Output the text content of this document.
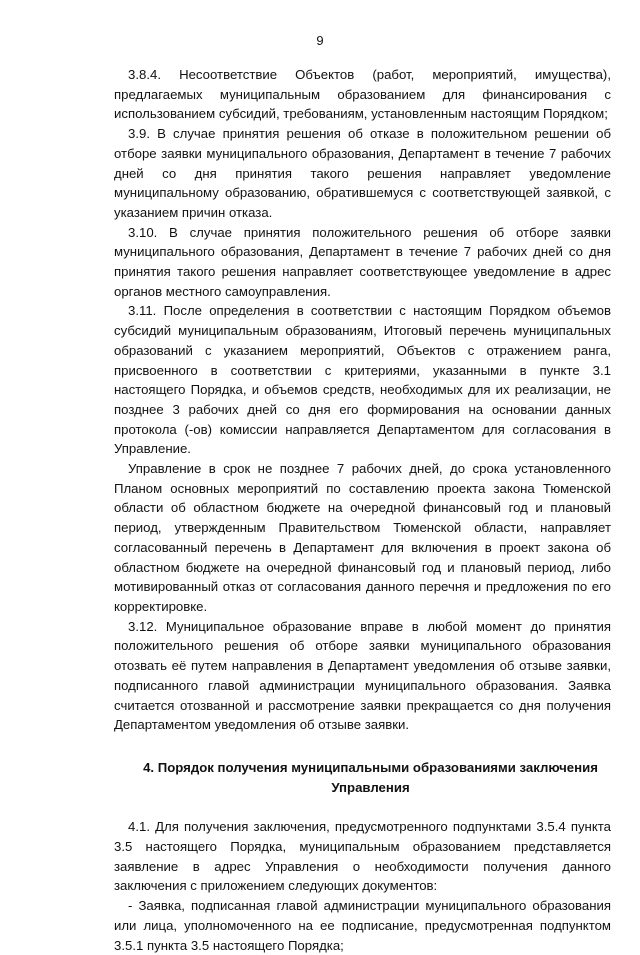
9

3.8.4. Несоответствие Объектов (работ, мероприятий, имущества), предлагаемых муниципальным образованием для финансирования с использованием субсидий, требованиям, установленным настоящим Порядком;

3.9. В случае принятия решения об отказе в положительном решении об отборе заявки муниципального образования, Департамент в течение 7 рабочих дней со дня принятия такого решения направляет уведомление муниципальному образованию, обратившемуся с соответствующей заявкой, с указанием причин отказа.

3.10. В случае принятия положительного решения об отборе заявки муниципального образования, Департамент в течение 7 рабочих дней со дня принятия такого решения направляет соответствующее уведомление в адрес органов местного самоуправления.

3.11. После определения в соответствии с настоящим Порядком объемов субсидий муниципальным образованиям, Итоговый перечень муниципальных образований с указанием мероприятий, Объектов с отражением ранга, присвоенного в соответствии с критериями, указанными в пункте 3.1 настоящего Порядка, и объемов средств, необходимых для их реализации, не позднее 3 рабочих дней со дня его формирования на основании данных протокола (-ов) комиссии направляется Департаментом для согласования в Управление.

Управление в срок не позднее 7 рабочих дней, до срока установленного Планом основных мероприятий по составлению проекта закона Тюменской области об областном бюджете на очередной финансовый год и плановый период, утвержденным Правительством Тюменской области, направляет согласованный перечень в Департамент для включения в проект закона об областном бюджете на очередной финансовый год и плановый период, либо мотивированный отказ от согласования данного перечня и предложения по его корректировке.

3.12. Муниципальное образование вправе в любой момент до принятия положительного решения об отборе заявки муниципального образования отозвать её путем направления в Департамент уведомления об отзыве заявки, подписанного главой администрации муниципального образования. Заявка считается отозванной и рассмотрение заявки прекращается со дня получения Департаментом уведомления об отзыве заявки.

4. Порядок получения муниципальными образованиями заключения
Управления

4.1. Для получения заключения, предусмотренного подпунктами 3.5.4 пункта 3.5 настоящего Порядка, муниципальным образованием представляется заявление в адрес Управления о необходимости получения данного заключения с приложением следующих документов:

- Заявка, подписанная главой администрации муниципального образования или лица, уполномоченного на ее подписание, предусмотренная подпунктом 3.5.1 пункта 3.5 настоящего Порядка;
